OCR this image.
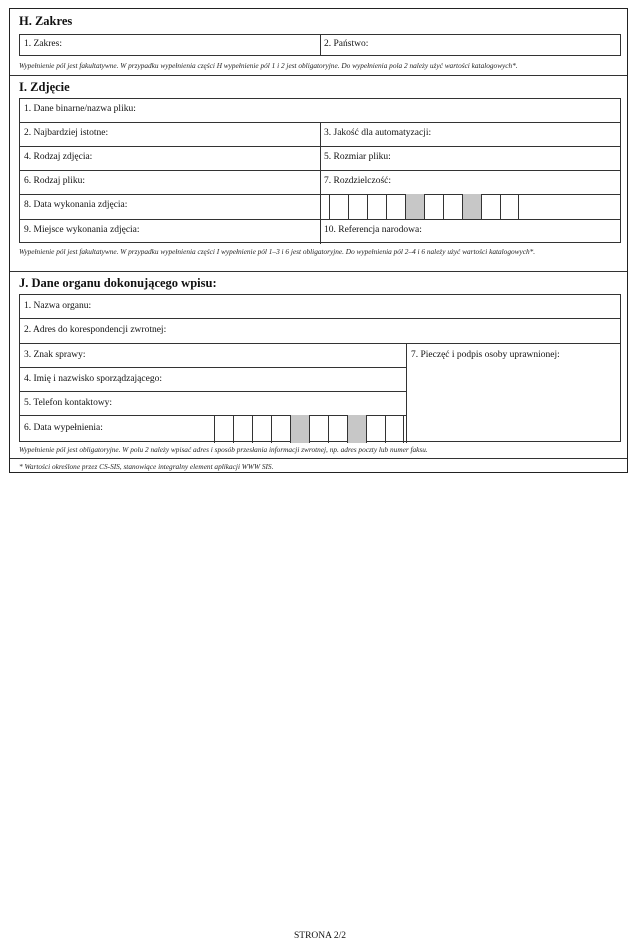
H. Zakres
1. Zakres:	2. Państwo:
Wypełnienie pól jest fakultatywne. W przypadku wypełnienia części H wypełnienie pól 1 i 2 jest obligatoryjne. Do wypełnienia pola 2 należy użyć wartości katalogowych*.
I. Zdjęcie
1. Dane binarne/nazwa pliku:
2. Najbardziej istotne:	3. Jakość dla automatyzacji:
4. Rodzaj zdjęcia:	5. Rozmiar pliku:
6. Rodzaj pliku:	7. Rozdzielczość:
8. Data wykonania zdjęcia:
9. Miejsce wykonania zdjęcia:	10. Referencja narodowa:
Wypełnienie pól jest fakultatywne. W przypadku wypełnienia części I wypełnienie pól 1–3 i 6 jest obligatoryjne. Do wypełnienia pól 2–4 i 6 należy użyć wartości katalogowych*.
J. Dane organu dokonującego wpisu:
1. Nazwa organu:
2. Adres do korespondencji zwrotnej:
3. Znak sprawy:	7. Pieczęć i podpis osoby uprawnionej:
4. Imię i nazwisko sporządzającego:
5. Telefon kontaktowy:
6. Data wypełnienia:
Wypełnienie pól jest obligatoryjne. W polu 2 należy wpisać adres i sposób przesłania informacji zwrotnej, np. adres poczty lub numer faksu.
* Wartości określone przez CS-SIS, stanowiące integralny element aplikacji WWW SIS.
STRONA 2/2
